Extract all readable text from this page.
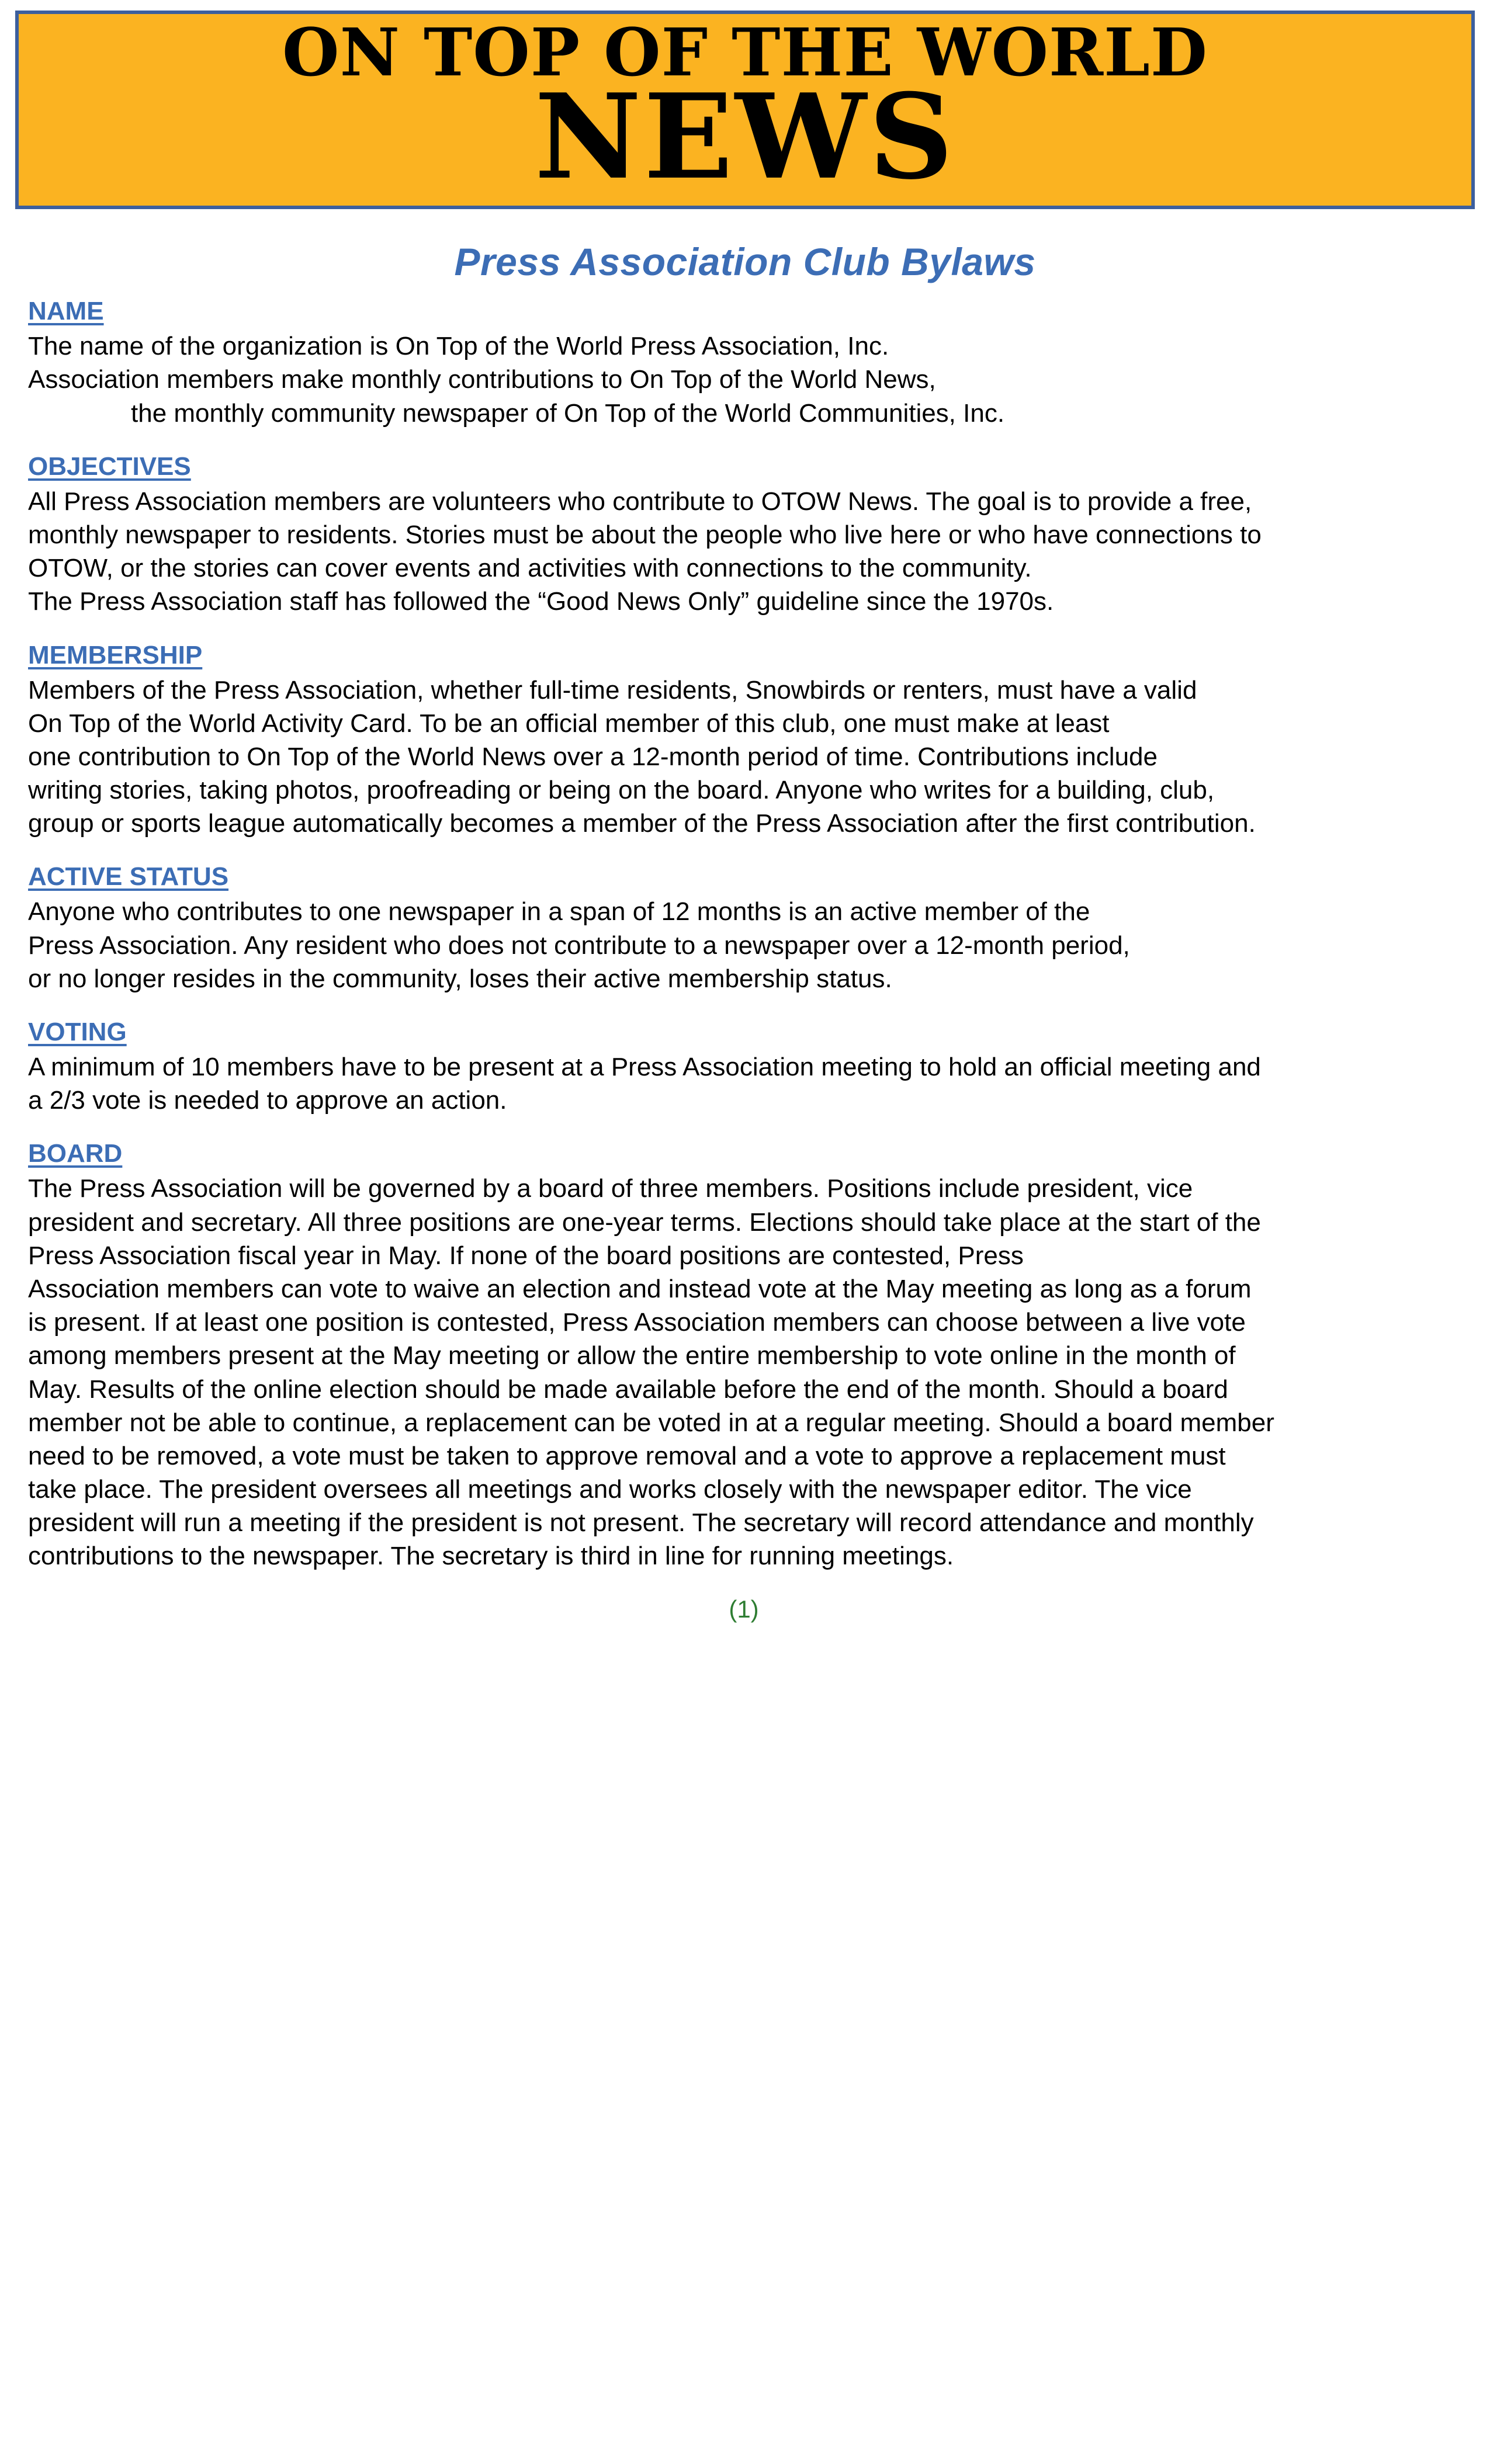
ON TOP OF THE WORLD
NEWS
Press Association Club Bylaws
NAME

The name of the organization is On Top of the World Press Association, Inc.

Association members make monthly contributions to On Top of the World News,

the monthly community newspaper of On Top of the World Communities, Inc.

OBJECTIVES

All Press Association members are volunteers who contribute to OTOW News. The goal is to provide a free,

monthly newspaper to residents. Stories must be about the people who live here or who have connections to

OTOW, or the stories can cover events and activities with connections to the community.

The Press Association staff has followed the “Good News Only” guideline since the 1970s.

MEMBERSHIP

Members of the Press Association, whether full-time residents, Snowbirds or renters, must have a valid

On Top of the World Activity Card. To be an official member of this club, one must make at least

one contribution to On Top of the World News over a 12-month period of time. Contributions include

writing stories, taking photos, proofreading or being on the board. Anyone who writes for a building, club,

group or sports league automatically becomes a member of the Press Association after the first contribution.

ACTIVE STATUS

Anyone who contributes to one newspaper in a span of 12 months is an active member of the

Press Association. Any resident who does not contribute to a newspaper over a 12-month period,

or no longer resides in the community, loses their active membership status.

VOTING

A minimum of 10 members have to be present at a Press Association meeting to hold an official meeting and

a 2/3 vote is needed to approve an action.

BOARD

The Press Association will be governed by a board of three members. Positions include president, vice

president and secretary. All three positions are one-year terms. Elections should take place at the start of the

Press Association fiscal year in May. If none of the board positions are contested, Press

Association members can vote to waive an election and instead vote at the May meeting as long as a forum

is present. If at least one position is contested, Press Association members can choose between a live vote

among members present at the May meeting or allow the entire membership to vote online in the month of

May. Results of the online election should be made available before the end of the month. Should a board

member not be able to continue, a replacement can be voted in at a regular meeting. Should a board member

need to be removed, a vote must be taken to approve removal and a vote to approve a replacement must

take place. The president oversees all meetings and works closely with the newspaper editor. The vice

president will run a meeting if the president is not present. The secretary will record attendance and monthly

contributions to the newspaper. The secretary is third in line for running meetings.

(1)
